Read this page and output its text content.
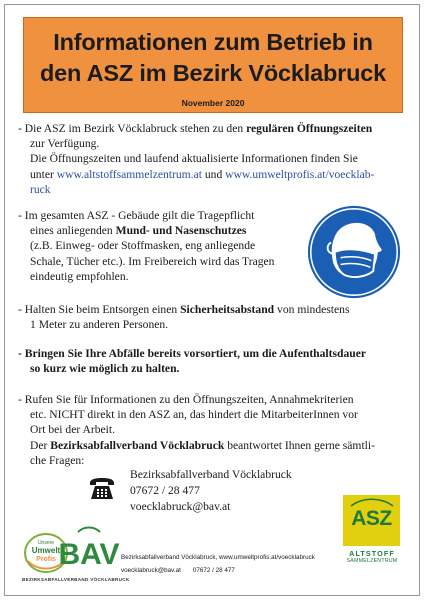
Informationen zum Betrieb in
den ASZ im Bezirk Vöcklabruck
November 2020
- Die ASZ im Bezirk Vöcklabruck stehen zu den regulären Öffnungszeiten
zur Verfügung.
Die Öffnungszeiten und laufend aktualisierte Informationen finden Sie
unter www.altstoffsammelzentrum.at und www.umweltprofis.at/voecklab-
ruck
- Im gesamten ASZ - Gebäude gilt die Tragepflicht
eines anliegenden Mund- und Nasenschutzes
(z.B. Einweg- oder Stoffmasken, eng anliegende
Schale, Tücher etc.). Im Freibereich wird das Tragen
eindeutig empfohlen.
- Halten Sie beim Entsorgen einen Sicherheitsabstand von mindestens
1 Meter zu anderen Personen.
- Bringen Sie Ihre Abfälle bereits vorsortiert, um die Aufenthaltsdauer
so kurz wie möglich zu halten.
- Rufen Sie für Informationen zu den Öffnungszeiten, Annahmekriterien
etc. NICHT direkt in den ASZ an, das hindert die MitarbeiterInnen vor
Ort bei der Arbeit.
Der Bezirksabfallverband Vöcklabruck beantwortet Ihnen gerne sämtli-
che Fragen:
Bezirksabfallverband Vöcklabruck
07672 / 28 477
voecklabruck@bav.at
Unsere
Umwelt
Profis BAV
BEZIRKSABFALLVERBAND VÖCKLABRUCK
Bezirksabfallverband Vöcklabruck, www.umweltprofis.at/voecklabruck
voecklabruck@bav.at 07672 / 28 477
ASZ
ALTSTOFF
SAMMELZENTRUM
